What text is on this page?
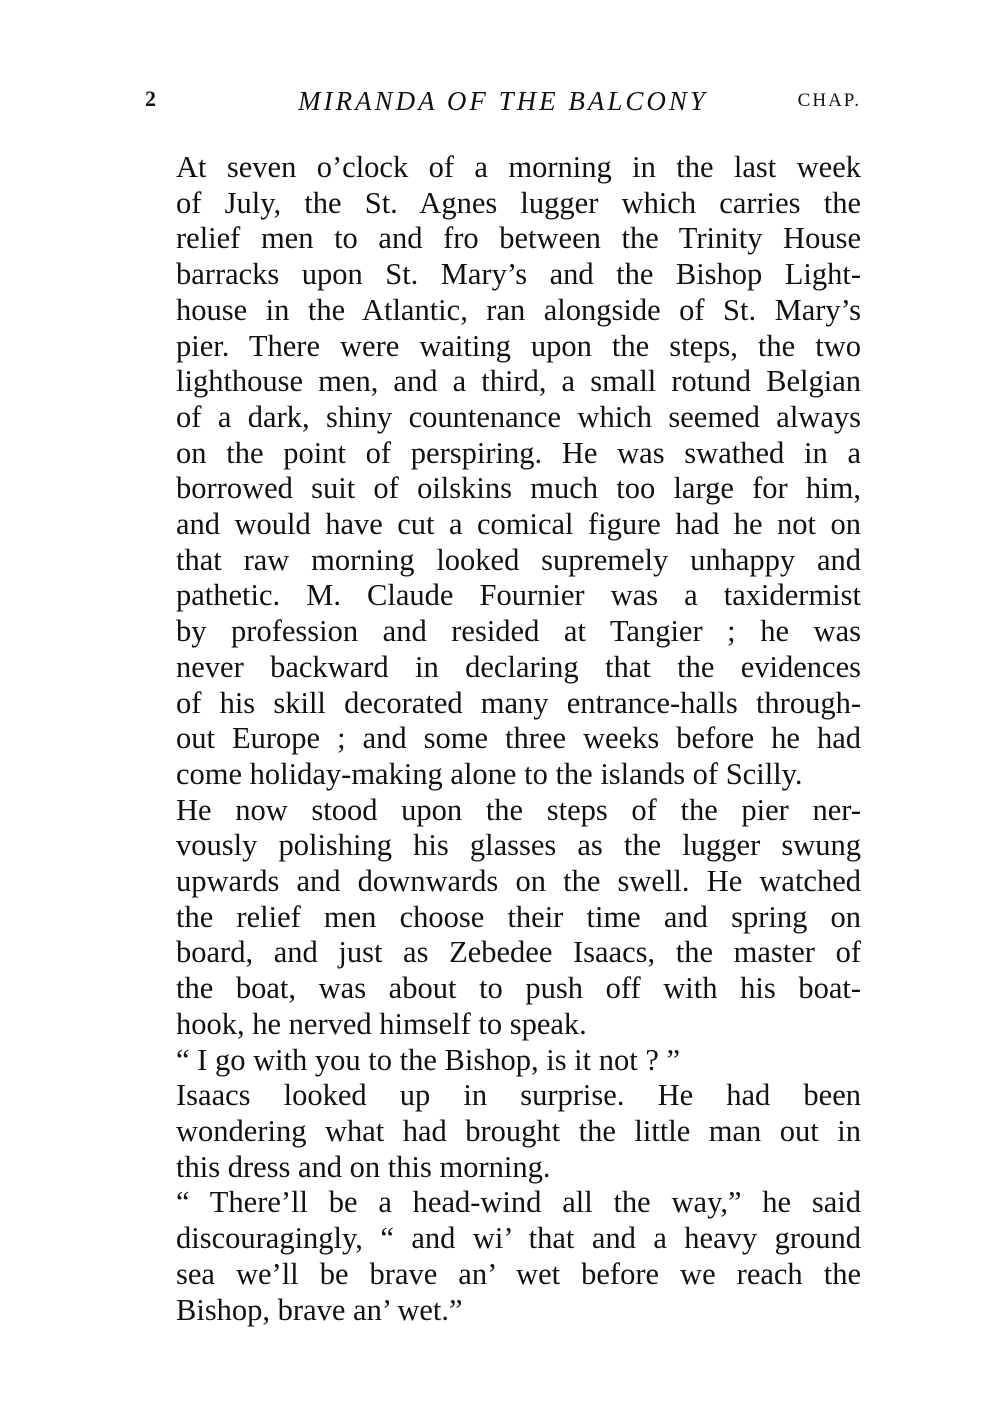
2	MIRANDA OF THE BALCONY	CHAP.

At seven o’clock of a morning in the last week
of July, the St. Agnes lugger which carries the
relief men to and fro between the Trinity House
barracks upon St. Mary’s and the Bishop Light-
house in the Atlantic, ran alongside of St. Mary’s
pier. There were waiting upon the steps, the two
lighthouse men, and a third, a small rotund Belgian
of a dark, shiny countenance which seemed always
on the point of perspiring. He was swathed in a
borrowed suit of oilskins much too large for him,
and would have cut a comical figure had he not on
that raw morning looked supremely unhappy and
pathetic. M. Claude Fournier was a taxidermist
by profession and resided at Tangier ; he was
never backward in declaring that the evidences
of his skill decorated many entrance-halls through-
out Europe ; and some three weeks before he had
come holiday-making alone to the islands of Scilly.

He now stood upon the steps of the pier ner-
vously polishing his glasses as the lugger swung
upwards and downwards on the swell. He watched
the relief men choose their time and spring on
board, and just as Zebedee Isaacs, the master of
the boat, was about to push off with his boat-
hook, he nerved himself to speak.

“ I go with you to the Bishop, is it not ? ”

Isaacs looked up in surprise. He had been
wondering what had brought the little man out in
this dress and on this morning.

“ There’ll be a head-wind all the way,” he said
discouragingly, “ and wi’ that and a heavy ground
sea we’ll be brave an’ wet before we reach the
Bishop, brave an’ wet.”
